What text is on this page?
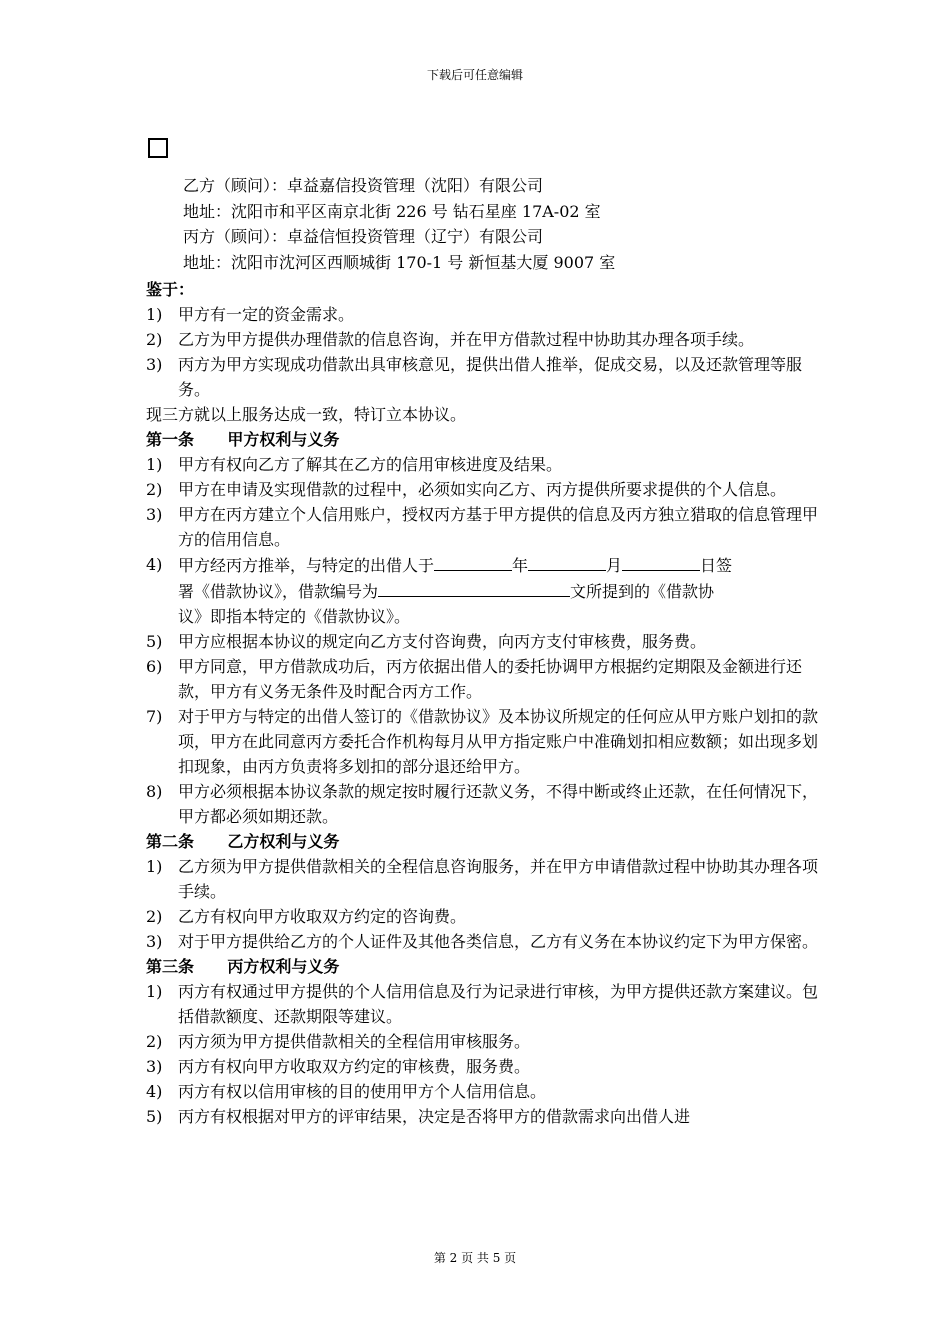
下载后可任意编辑
乙方（顾问）：卓益嘉信投资管理（沈阳）有限公司
地址：沈阳市和平区南京北街 226 号 钻石星座 17A-02 室
丙方（顾问）：卓益信恒投资管理（辽宁）有限公司
地址：沈阳市沈河区西顺城街 170-1 号 新恒基大厦 9007 室
鉴于：
1) 甲方有一定的资金需求。
2) 乙方为甲方提供办理借款的信息咨询，并在甲方借款过程中协助其办理各项手续。
3) 丙方为甲方实现成功借款出具审核意见，提供出借人推举，促成交易，以及还款管理等服务。
现三方就以上服务达成一致，特订立本协议。
第一条      甲方权利与义务
1) 甲方有权向乙方了解其在乙方的信用审核进度及结果。
2) 甲方在申请及实现借款的过程中，必须如实向乙方、丙方提供所要求提供的个人信息。
3) 甲方在丙方建立个人信用账户，授权丙方基于甲方提供的信息及丙方独立猎取的信息管理甲方的信用信息。
4) 甲方经丙方推举，与特定的出借人于	年	月	日签
署《借款协议》，借款编号为	文所提到的《借款协
议》即指本特定的《借款协议》。
5) 甲方应根据本协议的规定向乙方支付咨询费，向丙方支付审核费，服务费。
6) 甲方同意，甲方借款成功后，丙方依据出借人的委托协调甲方根据约定期限及金额进行还款，甲方有义务无条件及时配合丙方工作。
7) 对于甲方与特定的出借人签订的《借款协议》及本协议所规定的任何应从甲方账户划扣的款项，甲方在此同意丙方委托合作机构每月从甲方指定账户中准确划扣相应数额；如出现多划扣现象，由丙方负责将多划扣的部分退还给甲方。
8) 甲方必须根据本协议条款的规定按时履行还款义务，不得中断或终止还款，在任何情况下，甲方都必须如期还款。
第二条      乙方权利与义务
1) 乙方须为甲方提供借款相关的全程信息咨询服务，并在甲方申请借款过程中协助其办理各项手续。
2) 乙方有权向甲方收取双方约定的咨询费。
3) 对于甲方提供给乙方的个人证件及其他各类信息，乙方有义务在本协议约定下为甲方保密。
第三条      丙方权利与义务
1) 丙方有权通过甲方提供的个人信用信息及行为记录进行审核，为甲方提供还款方案建议。包括借款额度、还款期限等建议。
2) 丙方须为甲方提供借款相关的全程信用审核服务。
3) 丙方有权向甲方收取双方约定的审核费，服务费。
4) 丙方有权以信用审核的目的使用甲方个人信用信息。
5) 丙方有权根据对甲方的评审结果，决定是否将甲方的借款需求向出借人进
第 2 页 共 5 页
